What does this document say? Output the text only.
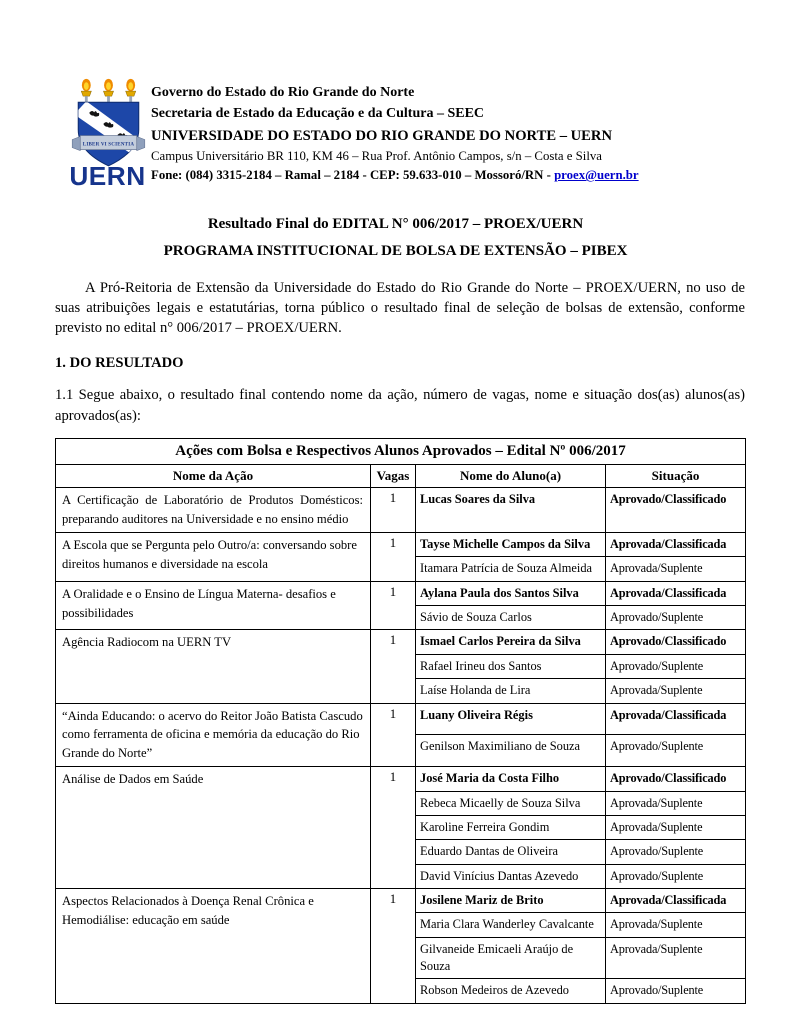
LIBER VI SCIENTIA
UERN
Governo do Estado do Rio Grande do Norte
Secretaria de Estado da Educação e da Cultura – SEEC
UNIVERSIDADE DO ESTADO DO RIO GRANDE DO NORTE – UERN
Campus Universitário BR 110, KM 46 – Rua Prof. Antônio Campos, s/n – Costa e Silva
Fone: (084) 3315-2184 – Ramal – 2184 - CEP: 59.633-010 – Mossoró/RN - proex@uern.br
Resultado Final do EDITAL N° 006/2017 – PROEX/UERN
PROGRAMA INSTITUCIONAL DE BOLSA DE EXTENSÃO – PIBEX

A Pró-Reitoria de Extensão da Universidade do Estado do Rio Grande do Norte – PROEX/UERN, no uso de suas atribuições legais e estatutárias, torna público o resultado final de seleção de bolsas de extensão, conforme previsto no edital n° 006/2017 – PROEX/UERN.

1. DO RESULTADO

1.1 Segue abaixo, o resultado final contendo nome da ação, número de vagas, nome e situação dos(as) alunos(as) aprovados(as):

Ações com Bolsa e Respectivos Alunos Aprovados – Edital Nº 006/2017			
Nome da Ação	Vagas	Nome do Aluno(a)	Situação
A Certificação de Laboratório de Produtos Domésticos: preparando auditores na Universidade e no ensino médio	1	Lucas Soares da Silva	Aprovado/Classificado
A Escola que se Pergunta pelo Outro/a: conversando sobre direitos humanos e diversidade na escola	1	Tayse Michelle Campos da Silva	Aprovada/Classificada
		Itamara Patrícia de Souza Almeida	Aprovada/Suplente
A Oralidade e o Ensino de Língua Materna- desafios e possibilidades	1	Aylana Paula dos Santos Silva	Aprovada/Classificada
		Sávio de Souza Carlos	Aprovado/Suplente
Agência Radiocom na UERN TV	1	Ismael Carlos Pereira da Silva	Aprovado/Classificado
		Rafael Irineu dos Santos	Aprovado/Suplente
		Laíse Holanda de Lira	Aprovada/Suplente
“Ainda Educando: o acervo do Reitor João Batista Cascudo como ferramenta de oficina e memória da educação do Rio Grande do Norte”	1	Luany Oliveira Régis	Aprovada/Classificada
		Genilson Maximiliano de Souza	Aprovado/Suplente
Análise de Dados em Saúde	1	José Maria da Costa Filho	Aprovado/Classificado
		Rebeca Micaelly de Souza Silva	Aprovada/Suplente
		Karoline Ferreira Gondim	Aprovada/Suplente
		Eduardo Dantas de Oliveira	Aprovado/Suplente
		David Vinícius Dantas Azevedo	Aprovado/Suplente
Aspectos Relacionados à Doença Renal Crônica e Hemodiálise: educação em saúde	1	Josilene Mariz de Brito	Aprovada/Classificada
		Maria Clara Wanderley Cavalcante	Aprovada/Suplente
		Gilvaneide Emicaeli Araújo de Souza	Aprovada/Suplente
		Robson Medeiros de Azevedo	Aprovado/Suplente
